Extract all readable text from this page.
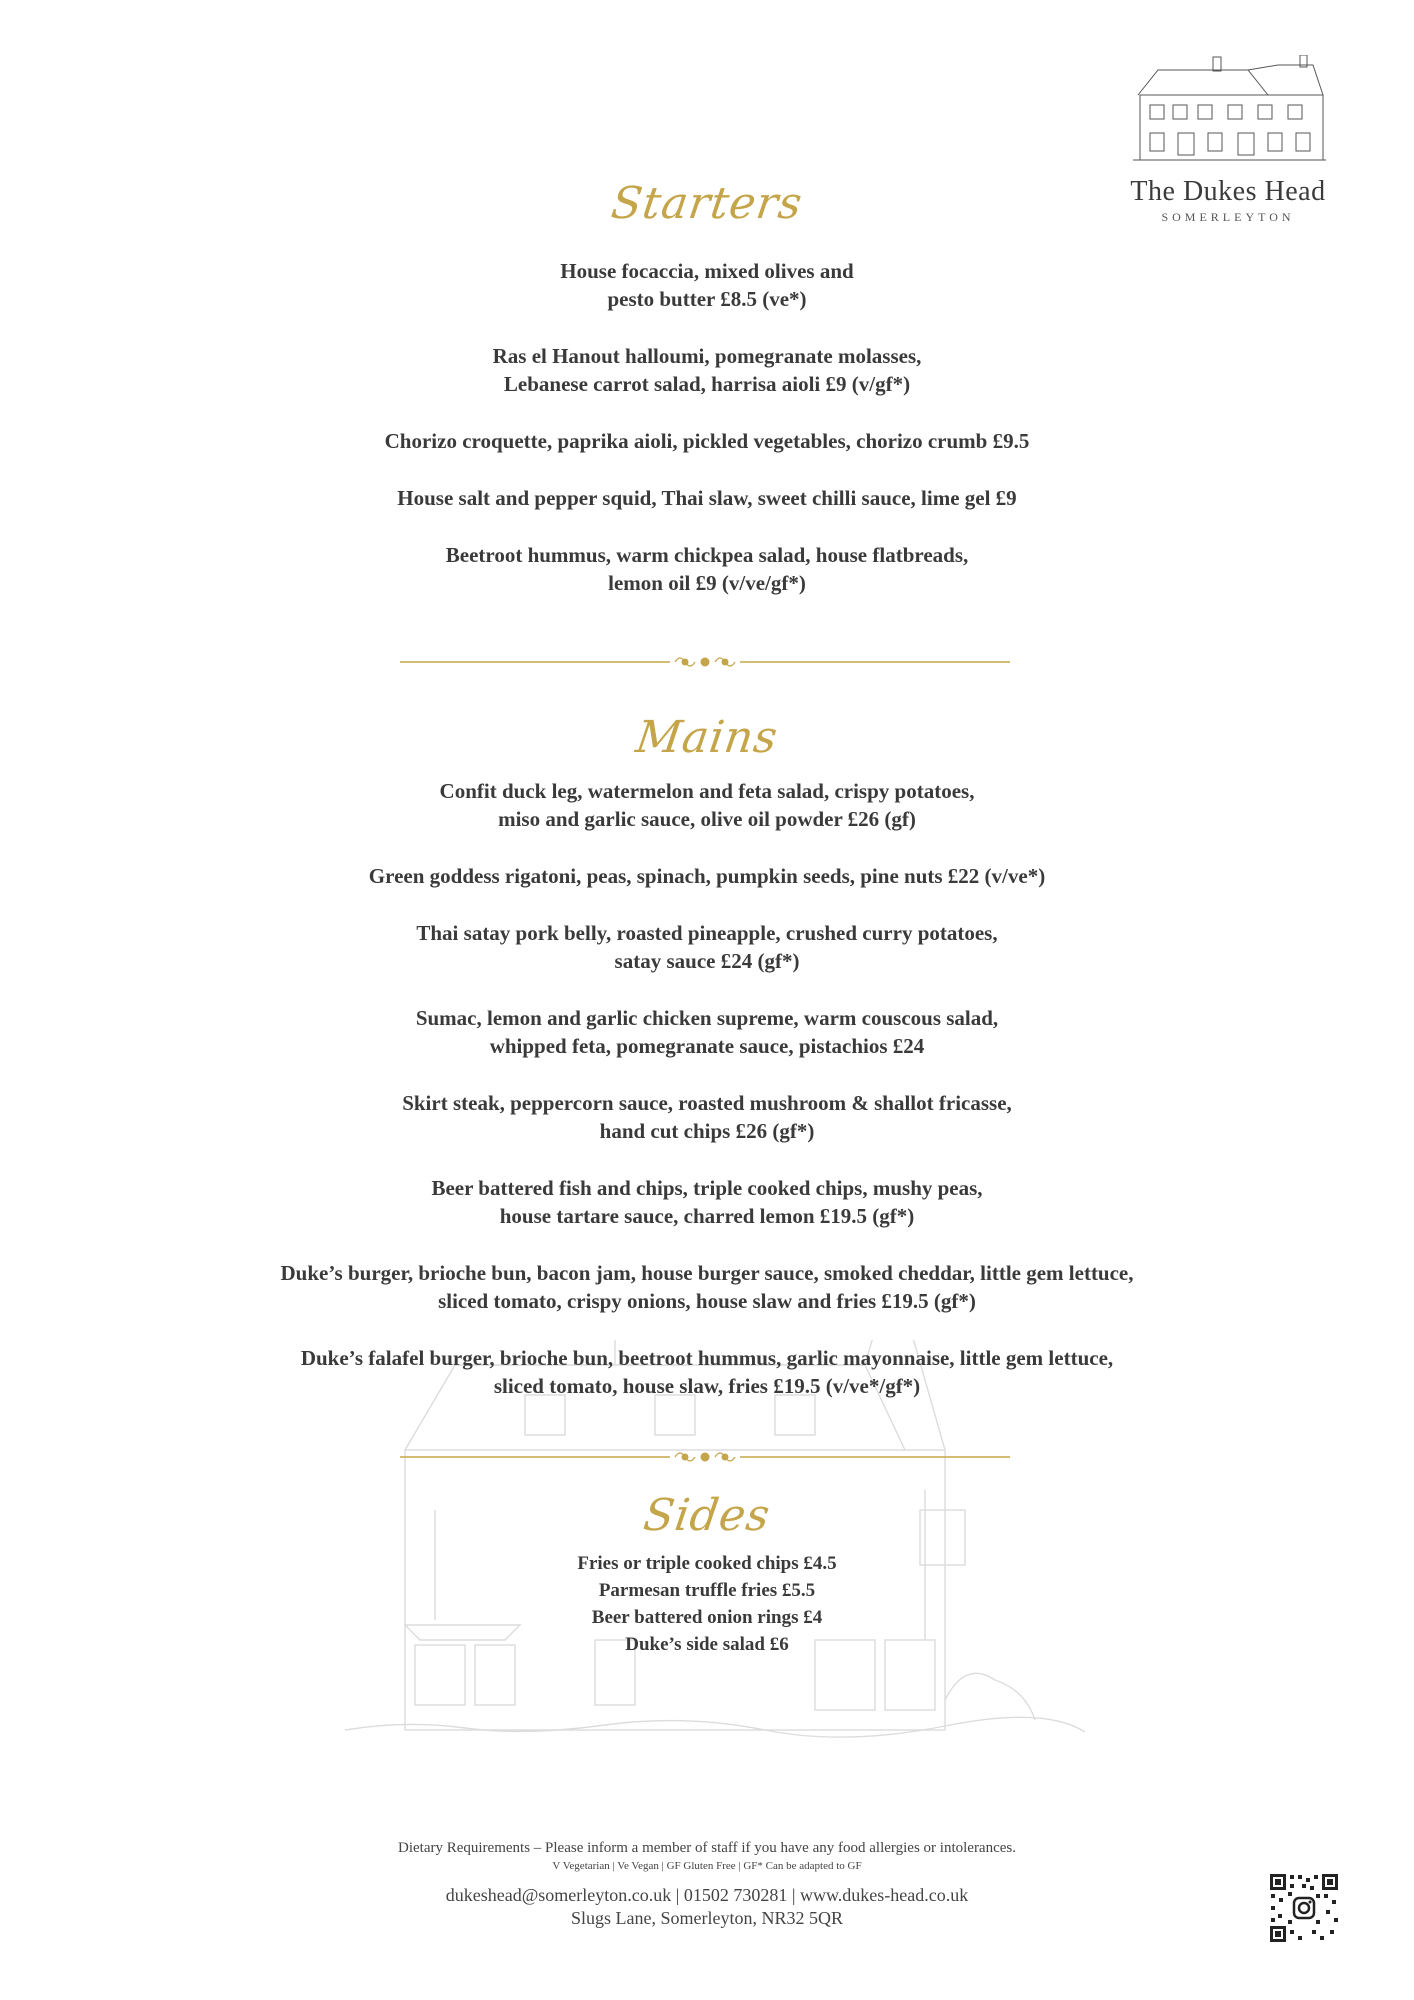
The Dukes Head
SOMERLEYTON
Starters
House focaccia, mixed olives and
pesto butter £8.5 (ve*)
Ras el Hanout halloumi, pomegranate molasses,
Lebanese carrot salad, harrisa aioli £9 (v/gf*)
Chorizo croquette, paprika aioli, pickled vegetables, chorizo crumb £9.5
House salt and pepper squid, Thai slaw, sweet chilli sauce, lime gel £9
Beetroot hummus, warm chickpea salad, house flatbreads,
lemon oil £9 (v/ve/gf*)
Mains
Confit duck leg, watermelon and feta salad, crispy potatoes,
miso and garlic sauce, olive oil powder £26 (gf)
Green goddess rigatoni, peas, spinach, pumpkin seeds, pine nuts £22 (v/ve*)
Thai satay pork belly, roasted pineapple, crushed curry potatoes,
satay sauce £24 (gf*)
Sumac, lemon and garlic chicken supreme, warm couscous salad,
whipped feta, pomegranate sauce, pistachios £24
Skirt steak, peppercorn sauce, roasted mushroom & shallot fricasse,
hand cut chips £26 (gf*)
Beer battered fish and chips, triple cooked chips, mushy peas,
house tartare sauce, charred lemon £19.5 (gf*)
Duke’s burger, brioche bun, bacon jam, house burger sauce, smoked cheddar, little gem lettuce,
sliced tomato, crispy onions, house slaw and fries £19.5 (gf*)
Duke’s falafel burger, brioche bun, beetroot hummus, garlic mayonnaise, little gem lettuce,
sliced tomato, house slaw, fries £19.5 (v/ve*/gf*)
Sides
Fries or triple cooked chips £4.5
Parmesan truffle fries £5.5
Beer battered onion rings £4
Duke’s side salad £6
Dietary Requirements – Please inform a member of staff if you have any food allergies or intolerances.
V Vegetarian | Ve Vegan | GF Gluten Free | GF* Can be adapted to GF
dukeshead@somerleyton.co.uk | 01502 730281 | www.dukes-head.co.uk
Slugs Lane, Somerleyton, NR32 5QR
